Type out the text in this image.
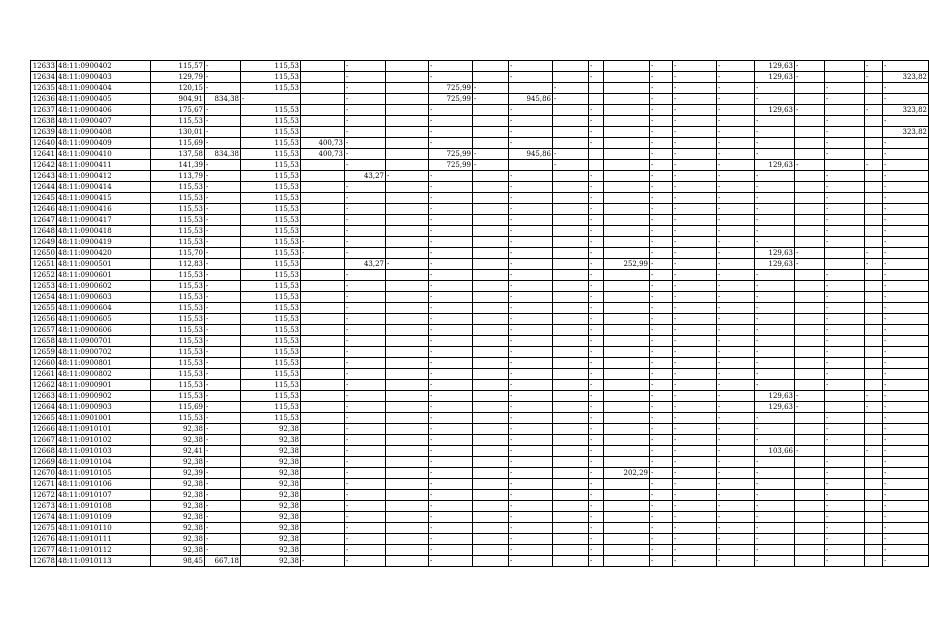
12633	48:11:0900402	115,57	-	115,53		-		-		-		-		-	-	-	129,63	-		-	-
12634	48:11:0900403	129,79	-	115,53		-		-		-		-		-	-	-	129,63	-		-	323,82
12635	48:11:0900404	120,15	-	115,53		-		725,99	-		-			-	-	-	-		-		-
12636	48:11:0900405	904,91	834,38	-		-		725,99	-	945,86	-			-	-	-	-		-		-
12637	48:11:0900406	175,67	-	115,53		-		-		-		-		-	-	-	129,63	-		-	323,82
12638	48:11:0900407	115,53	-	115,53		-		-		-		-		-	-	-	-		-		-
12639	48:11:0900408	130,01	-	115,53		-		-		-		-		-	-	-	-		-		323,82
12640	48:11:0900409	115,69	-	115,53	400,73	-		-		-		-		-	-	-	-		-		-
12641	48:11:0900410	137,58	834,38	115,53	400,73	-		725,99	-	945,86	-			-	-	-	-		-		-
12642	48:11:0900411	141,39	-	115,53		-		725,99	-		-			-	-	-	129,63	-		-	-
12643	48:11:0900412	113,79	-	115,53		43,27	-	-		-		-		-	-	-	-		-		-
12644	48:11:0900414	115,53	-	115,53		-		-		-		-		-	-	-	-		-		-
12645	48:11:0900415	115,53	-	115,53		-		-		-		-		-	-	-	-		-		-
12646	48:11:0900416	115,53	-	115,53		-		-		-		-		-	-	-	-		-		-
12647	48:11:0900417	115,53	-	115,53		-		-		-		-		-	-	-	-		-		-
12648	48:11:0900418	115,53	-	115,53		-		-		-		-		-	-	-	-		-		-
12649	48:11:0900419	115,53	-	115,53	-	-		-		-		-		-	-	-	-		-		-
12650	48:11:0900420	115,70	-	115,53	-	-		-		-		-		-	-	-	129,63	-		-	-
12651	48:11:0900501	112,83	-	115,53		43,27	-	-		-		-	252,99	-	-	-	129,63	-		-	-
12652	48:11:0900601	115,53	-	115,53		-		-		-		-		-	-	-	-		-		-
12653	48:11:0900602	115,53	-	115,53		-		-		-		-		-	-	-	-		-		-
12654	48:11:0900603	115,53	-	115,53		-		-		-		-		-	-	-	-		-		-
12655	48:11:0900604	115,53	-	115,53		-		-		-		-		-	-	-	-		-		-
12656	48:11:0900605	115,53	-	115,53		-		-		-		-		-	-	-	-		-		-
12657	48:11:0900606	115,53	-	115,53		-		-		-		-		-	-	-	-		-		-
12658	48:11:0900701	115,53	-	115,53		-		-		-		-		-	-	-	-		-		-
12659	48:11:0900702	115,53	-	115,53		-		-		-		-		-	-	-	-		-		-
12660	48:11:0900801	115,53	-	115,53		-		-		-		-		-	-	-	-		-		-
12661	48:11:0900802	115,53	-	115,53		-		-		-		-		-	-	-	-		-		-
12662	48:11:0900901	115,53	-	115,53		-		-		-		-		-	-	-	-		-		-
12663	48:11:0900902	115,53	-	115,53		-		-		-		-		-	-	-	129,63	-		-	-
12664	48:11:0900903	115,69	-	115,53		-		-		-		-		-	-	-	129,63	-		-	-
12665	48:11:0901001	115,53	-	115,53		-		-		-		-		-	-	-	-		-		-
12666	48:11:0910101	92,38	-	92,38		-		-		-		-		-	-	-	-		-		-
12667	48:11:0910102	92,38	-	92,38		-		-		-		-		-	-	-	-		-		-
12668	48:11:0910103	92,41	-	92,38		-		-		-		-		-	-	-	103,66	-		-	-
12669	48:11:0910104	92,38	-	92,38		-		-		-		-		-	-	-	-		-		-
12670	48:11:0910105	92,39	-	92,38		-		-		-		-	202,29	-	-	-	-		-		-
12671	48:11:0910106	92,38	-	92,38		-		-		-		-		-	-	-	-		-		-
12672	48:11:0910107	92,38	-	92,38		-		-		-		-		-	-	-	-		-		-
12673	48:11:0910108	92,38	-	92,38		-		-		-		-		-	-	-	-		-		-
12674	48:11:0910109	92,38	-	92,38		-		-		-		-		-	-	-	-		-		-
12675	48:11:0910110	92,38	-	92,38		-		-		-		-		-	-	-	-		-		-
12676	48:11:0910111	92,38	-	92,38		-		-		-		-		-	-	-	-		-		-
12677	48:11:0910112	92,38	-	92,38		-		-		-		-		-	-	-	-		-		-
12678	48:11:0910113	98,45	667,18	92,38	-	-		-		-		-		-	-	-	-		-		-
